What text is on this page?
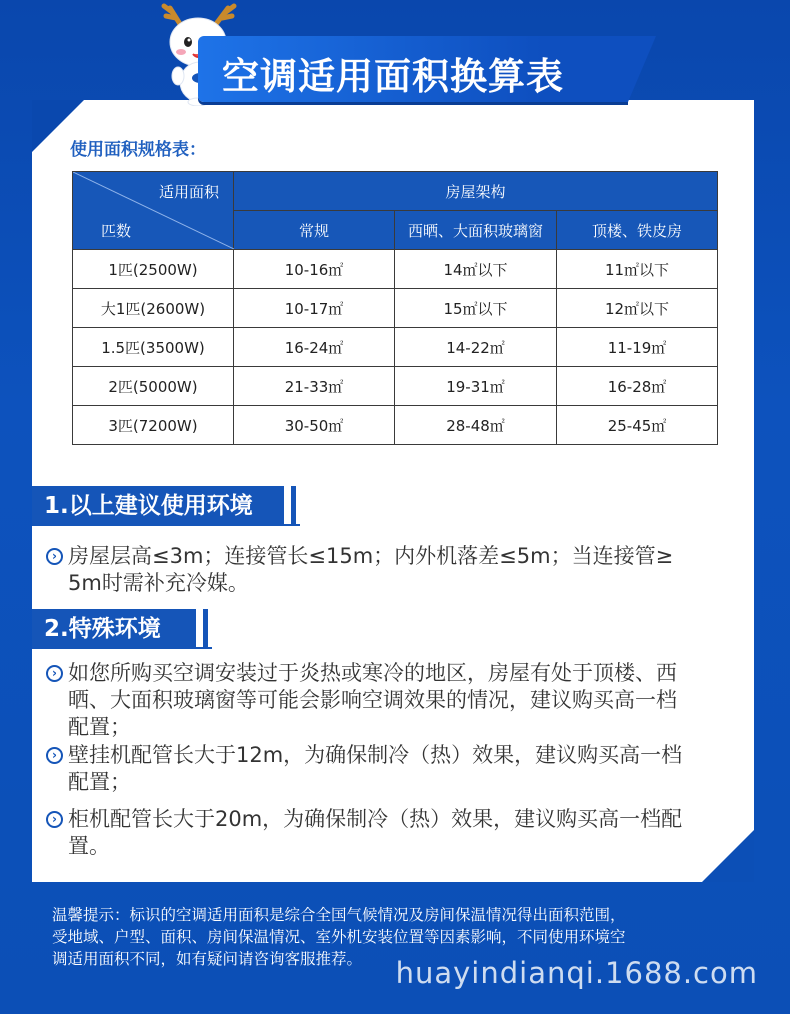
空调适用面积换算表
使用面积规格表：
适用面积
匹数	房屋架构		
	常规	西晒、大面积玻璃窗	顶楼、铁皮房
1匹(2500W)	10-16㎡	14㎡以下	11㎡以下
大1匹(2600W)	10-17㎡	15㎡以下	12㎡以下
1.5匹(3500W)	16-24㎡	14-22㎡	11-19㎡
2匹(5000W)	21-33㎡	19-31㎡	16-28㎡
3匹(7200W)	30-50㎡	28-48㎡	25-45㎡
1.以上建议使用环境
› 房屋层高≤3m；连接管长≤15m；内外机落差≤5m；当连接管≥
5m时需补充冷媒。
2.特殊环境
› 如您所购买空调安装过于炎热或寒冷的地区，房屋有处于顶楼、西
晒、大面积玻璃窗等可能会影响空调效果的情况，建议购买高一档
配置；
› 壁挂机配管长大于12m，为确保制冷（热）效果，建议购买高一档
配置；
› 柜机配管长大于20m，为确保制冷（热）效果，建议购买高一档配
置。
温馨提示：标识的空调适用面积是综合全国气候情况及房间保温情况得出面积范围，
受地域、户型、面积、房间保温情况、室外机安装位置等因素影响，不同使用环境空
调适用面积不同，如有疑问请咨询客服推荐。	huayindianqi.1688.com
